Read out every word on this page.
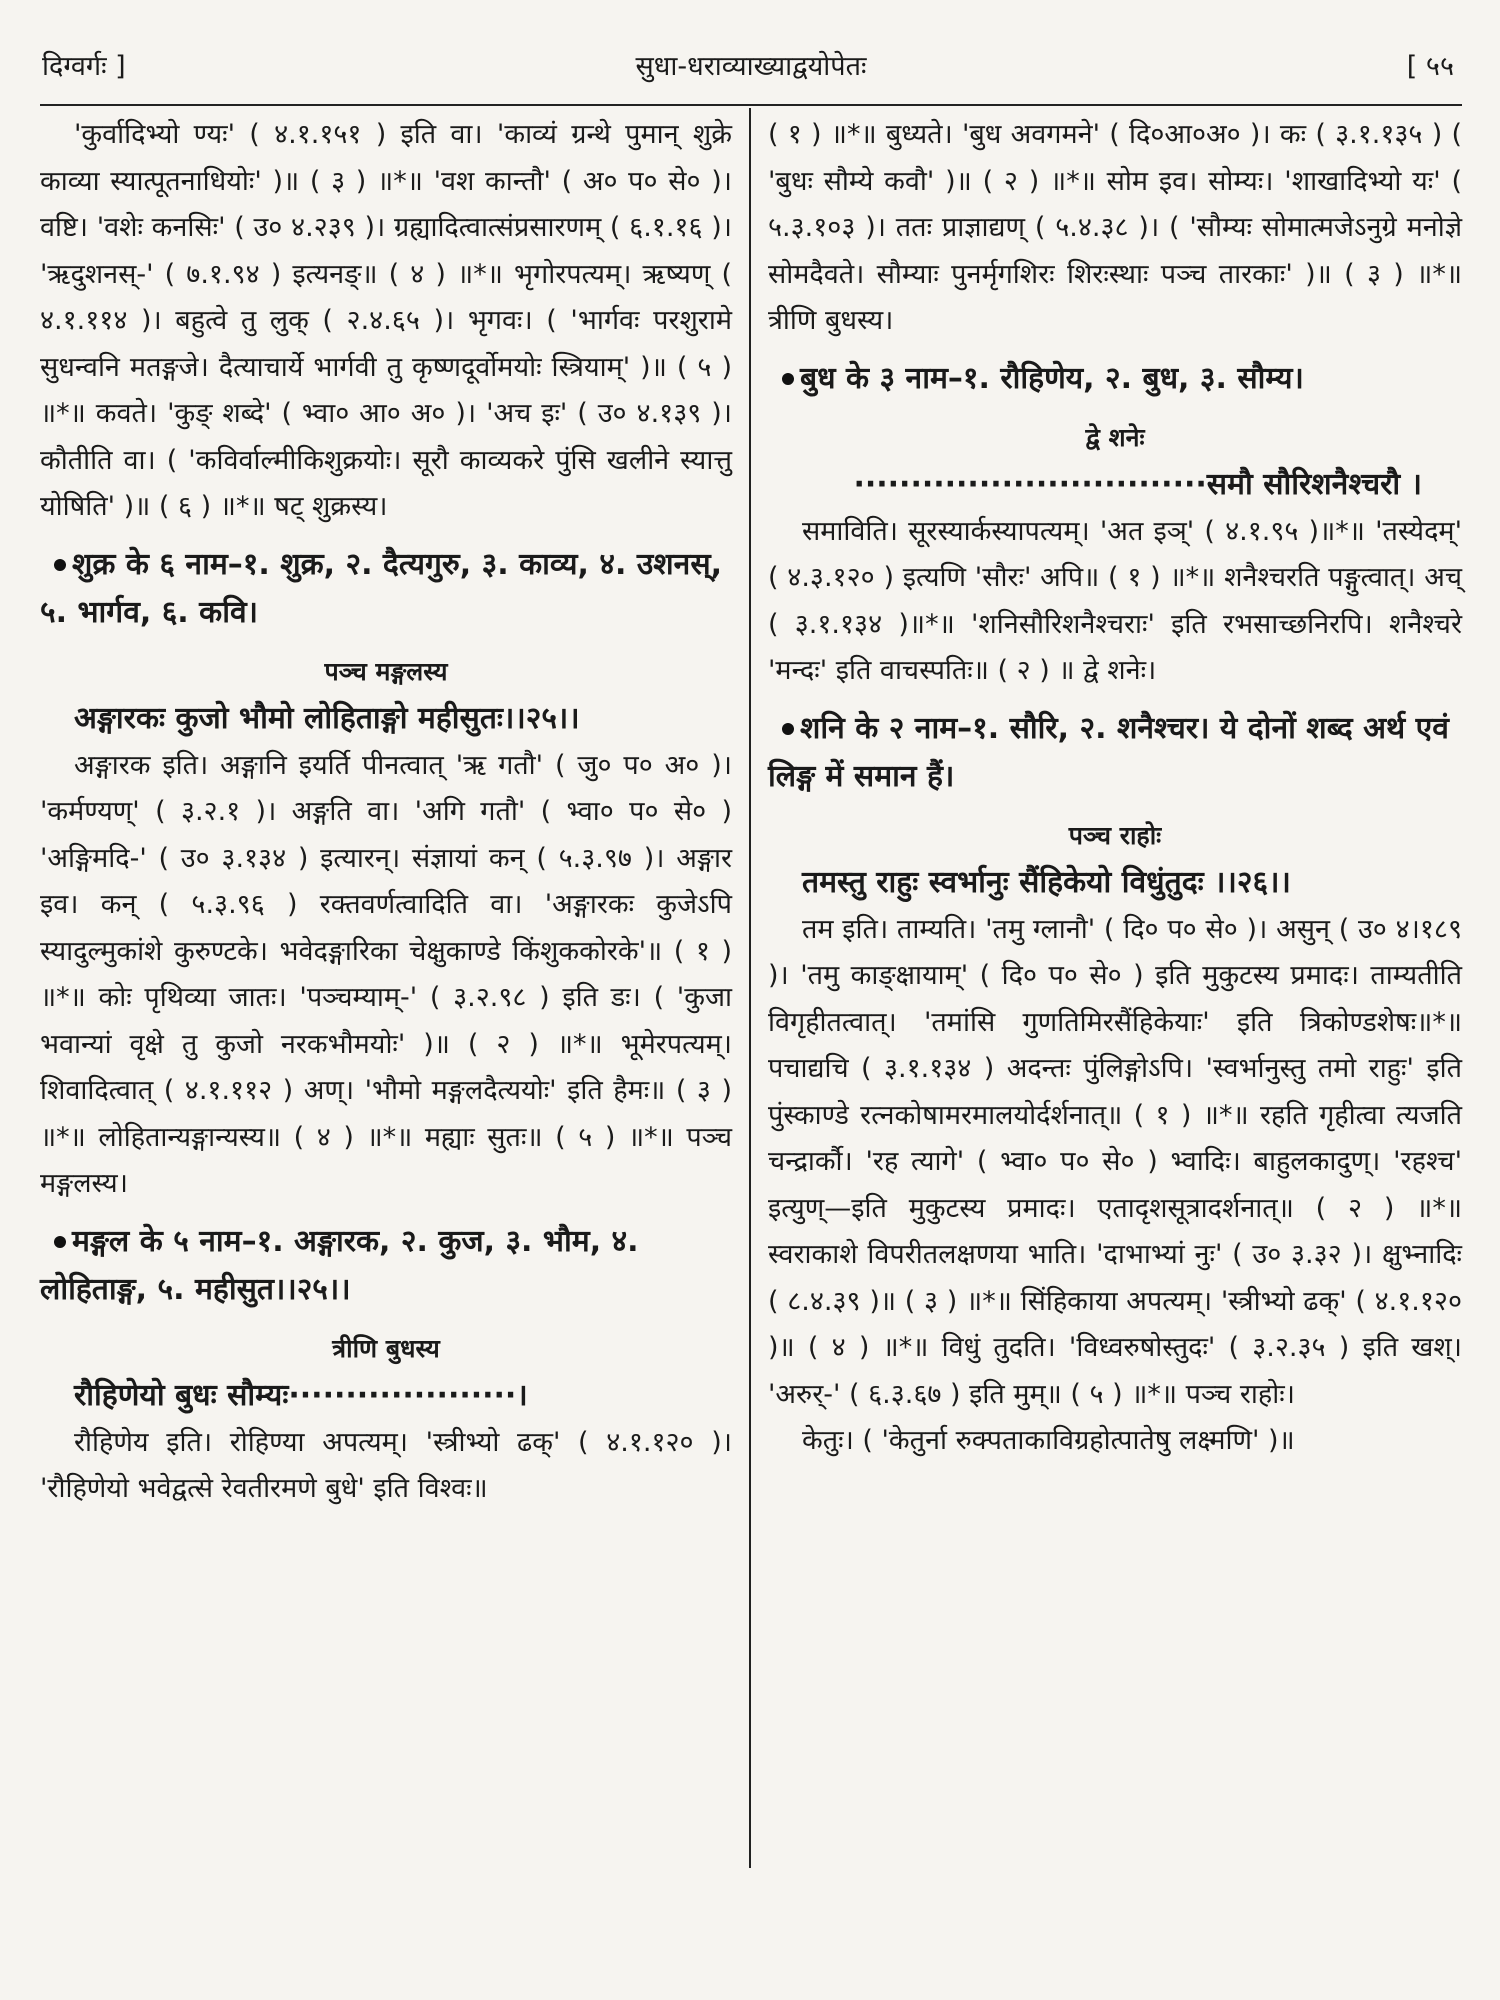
दिग्वर्गः ]	सुधा-धराव्याख्याद्वयोपेतः	[ ५५
'कुर्वादिभ्यो ण्यः' ( ४.१.१५१ ) इति वा। 'काव्यं ग्रन्थे पुमान् शुक्रे काव्या स्यात्पूतनाधियोः' )॥ ( ३ ) ॥*॥ 'वश कान्तौ' ( अ० प० से० )। वष्टि। 'वशेः कनसिः' ( उ० ४.२३९ )। ग्रह्यादित्वात्संप्रसारणम् ( ६.१.१६ )। 'ऋदुशनस्-' ( ७.१.९४ ) इत्यनङ्॥ ( ४ ) ॥*॥ भृगोरपत्यम्। ऋष्यण् ( ४.१.११४ )। बहुत्वे तु लुक् ( २.४.६५ )। भृगवः। ( 'भार्गवः परशुरामे सुधन्वनि मतङ्गजे। दैत्याचार्ये भार्गवी तु कृष्णदूर्वोमयोः स्त्रियाम्' )॥ ( ५ ) ॥*॥ कवते। 'कुङ् शब्दे' ( भ्वा० आ० अ० )। 'अच इः' ( उ० ४.१३९ )। कौतीति वा। ( 'कविर्वाल्मीकिशुक्रयोः। सूरौ काव्यकरे पुंसि खलीने स्यात्तु योषिति' )॥ ( ६ ) ॥*॥ षट् शुक्रस्य।
शुक्र के ६ नाम–१. शुक्र, २. दैत्यगुरु, ३. काव्य, ४. उशनस्, ५. भार्गव, ६. कवि।
पञ्च मङ्गलस्य
अङ्गारकः कुजो भौमो लोहिताङ्गो महीसुतः।।२५।।
अङ्गारक इति। अङ्गानि इयर्ति पीनत्वात् 'ऋ गतौ' ( जु० प० अ० )। 'कर्मण्यण्' ( ३.२.१ )। अङ्गति वा। 'अगि गतौ' ( भ्वा० प० से० ) 'अङ्गिमदि-' ( उ० ३.१३४ ) इत्यारन्। संज्ञायां कन् ( ५.३.९७ )। अङ्गार इव। कन् ( ५.३.९६ ) रक्तवर्णत्वादिति वा। 'अङ्गारकः कुजेऽपि स्यादुल्मुकांशे कुरुण्टके। भवेदङ्गारिका चेक्षुकाण्डे किंशुककोरके'॥ ( १ ) ॥*॥ कोः पृथिव्या जातः। 'पञ्चम्याम्-' ( ३.२.९८ ) इति डः। ( 'कुजा भवान्यां वृक्षे तु कुजो नरकभौमयोः' )॥ ( २ ) ॥*॥ भूमेरपत्यम्। शिवादित्वात् ( ४.१.११२ ) अण्। 'भौमो मङ्गलदैत्ययोः' इति हैमः॥ ( ३ ) ॥*॥ लोहितान्यङ्गान्यस्य॥ ( ४ ) ॥*॥ मह्याः सुतः॥ ( ५ ) ॥*॥ पञ्च मङ्गलस्य।
मङ्गल के ५ नाम–१. अङ्गारक, २. कुज, ३. भौम, ४. लोहिताङ्ग, ५. महीसुत।।२५।।
त्रीणि बुधस्य
रौहिणेयो बुधः सौम्यः····················।
रौहिणेय इति। रोहिण्या अपत्यम्। 'स्त्रीभ्यो ढक्' ( ४.१.१२० )। 'रौहिणेयो भवेद्वत्से रेवतीरमणे बुधे' इति विश्वः॥
( १ ) ॥*॥ बुध्यते। 'बुध अवगमने' ( दि०आ०अ० )। कः ( ३.१.१३५ ) ( 'बुधः सौम्ये कवौ' )॥ ( २ ) ॥*॥ सोम इव। सोम्यः। 'शाखादिभ्यो यः' ( ५.३.१०३ )। ततः प्राज्ञाद्यण् ( ५.४.३८ )। ( 'सौम्यः सोमात्मजेऽनुग्रे मनोज्ञे सोमदैवते। सौम्याः पुनर्मृगशिरः शिरःस्थाः पञ्च तारकाः' )॥ ( ३ ) ॥*॥ त्रीणि बुधस्य।
बुध के ३ नाम–१. रौहिणेय, २. बुध, ३. सौम्य।
द्वे शनेः
·······························समौ सौरिशनैश्चरौ ।
समाविति। सूरस्यार्कस्यापत्यम्। 'अत इञ्' ( ४.१.९५ )॥*॥ 'तस्येदम्' ( ४.३.१२० ) इत्यणि 'सौरः' अपि॥ ( १ ) ॥*॥ शनैश्चरति पङ्गुत्वात्। अच् ( ३.१.१३४ )॥*॥ 'शनिसौरिशनैश्चराः' इति रभसाच्छनिरपि। शनैश्चरे 'मन्दः' इति वाचस्पतिः॥ ( २ ) ॥ द्वे शनेः।
शनि के २ नाम–१. सौरि, २. शनैश्चर। ये दोनों शब्द अर्थ एवं लिङ्ग में समान हैं।
पञ्च राहोः
तमस्तु राहुः स्वर्भानुः सैंहिकेयो विधुंतुदः ।।२६।।
तम इति। ताम्यति। 'तमु ग्लानौ' ( दि० प० से० )। असुन् ( उ० ४।१८९ )। 'तमु काङ्क्षायाम्' ( दि० प० से० ) इति मुकुटस्य प्रमादः। ताम्यतीति विगृहीतत्वात्। 'तमांसि गुणतिमिरसैंहिकेयाः' इति त्रिकोण्डशेषः॥*॥ पचाद्यचि ( ३.१.१३४ ) अदन्तः पुंलिङ्गोऽपि। 'स्वर्भानुस्तु तमो राहुः' इति पुंस्काण्डे रत्नकोषामरमालयोर्दर्शनात्॥ ( १ ) ॥*॥ रहति गृहीत्वा त्यजति चन्द्रार्कौ। 'रह त्यागे' ( भ्वा० प० से० ) भ्वादिः। बाहुलकादुण्। 'रहश्च' इत्युण्—इति मुकुटस्य प्रमादः। एतादृशसूत्रादर्शनात्॥ ( २ ) ॥*॥ स्वराकाशे विपरीतलक्षणया भाति। 'दाभाभ्यां नुः' ( उ० ३.३२ )। क्षुभ्नादिः ( ८.४.३९ )॥ ( ३ ) ॥*॥ सिंहिकाया अपत्यम्। 'स्त्रीभ्यो ढक्' ( ४.१.१२० )॥ ( ४ ) ॥*॥ विधुं तुदति। 'विध्वरुषोस्तुदः' ( ३.२.३५ ) इति खश्। 'अरुर्-' ( ६.३.६७ ) इति मुम्॥ ( ५ ) ॥*॥ पञ्च राहोः।
केतुः। ( 'केतुर्ना रुक्पताकाविग्रहोत्पातेषु लक्ष्मणि' )॥
